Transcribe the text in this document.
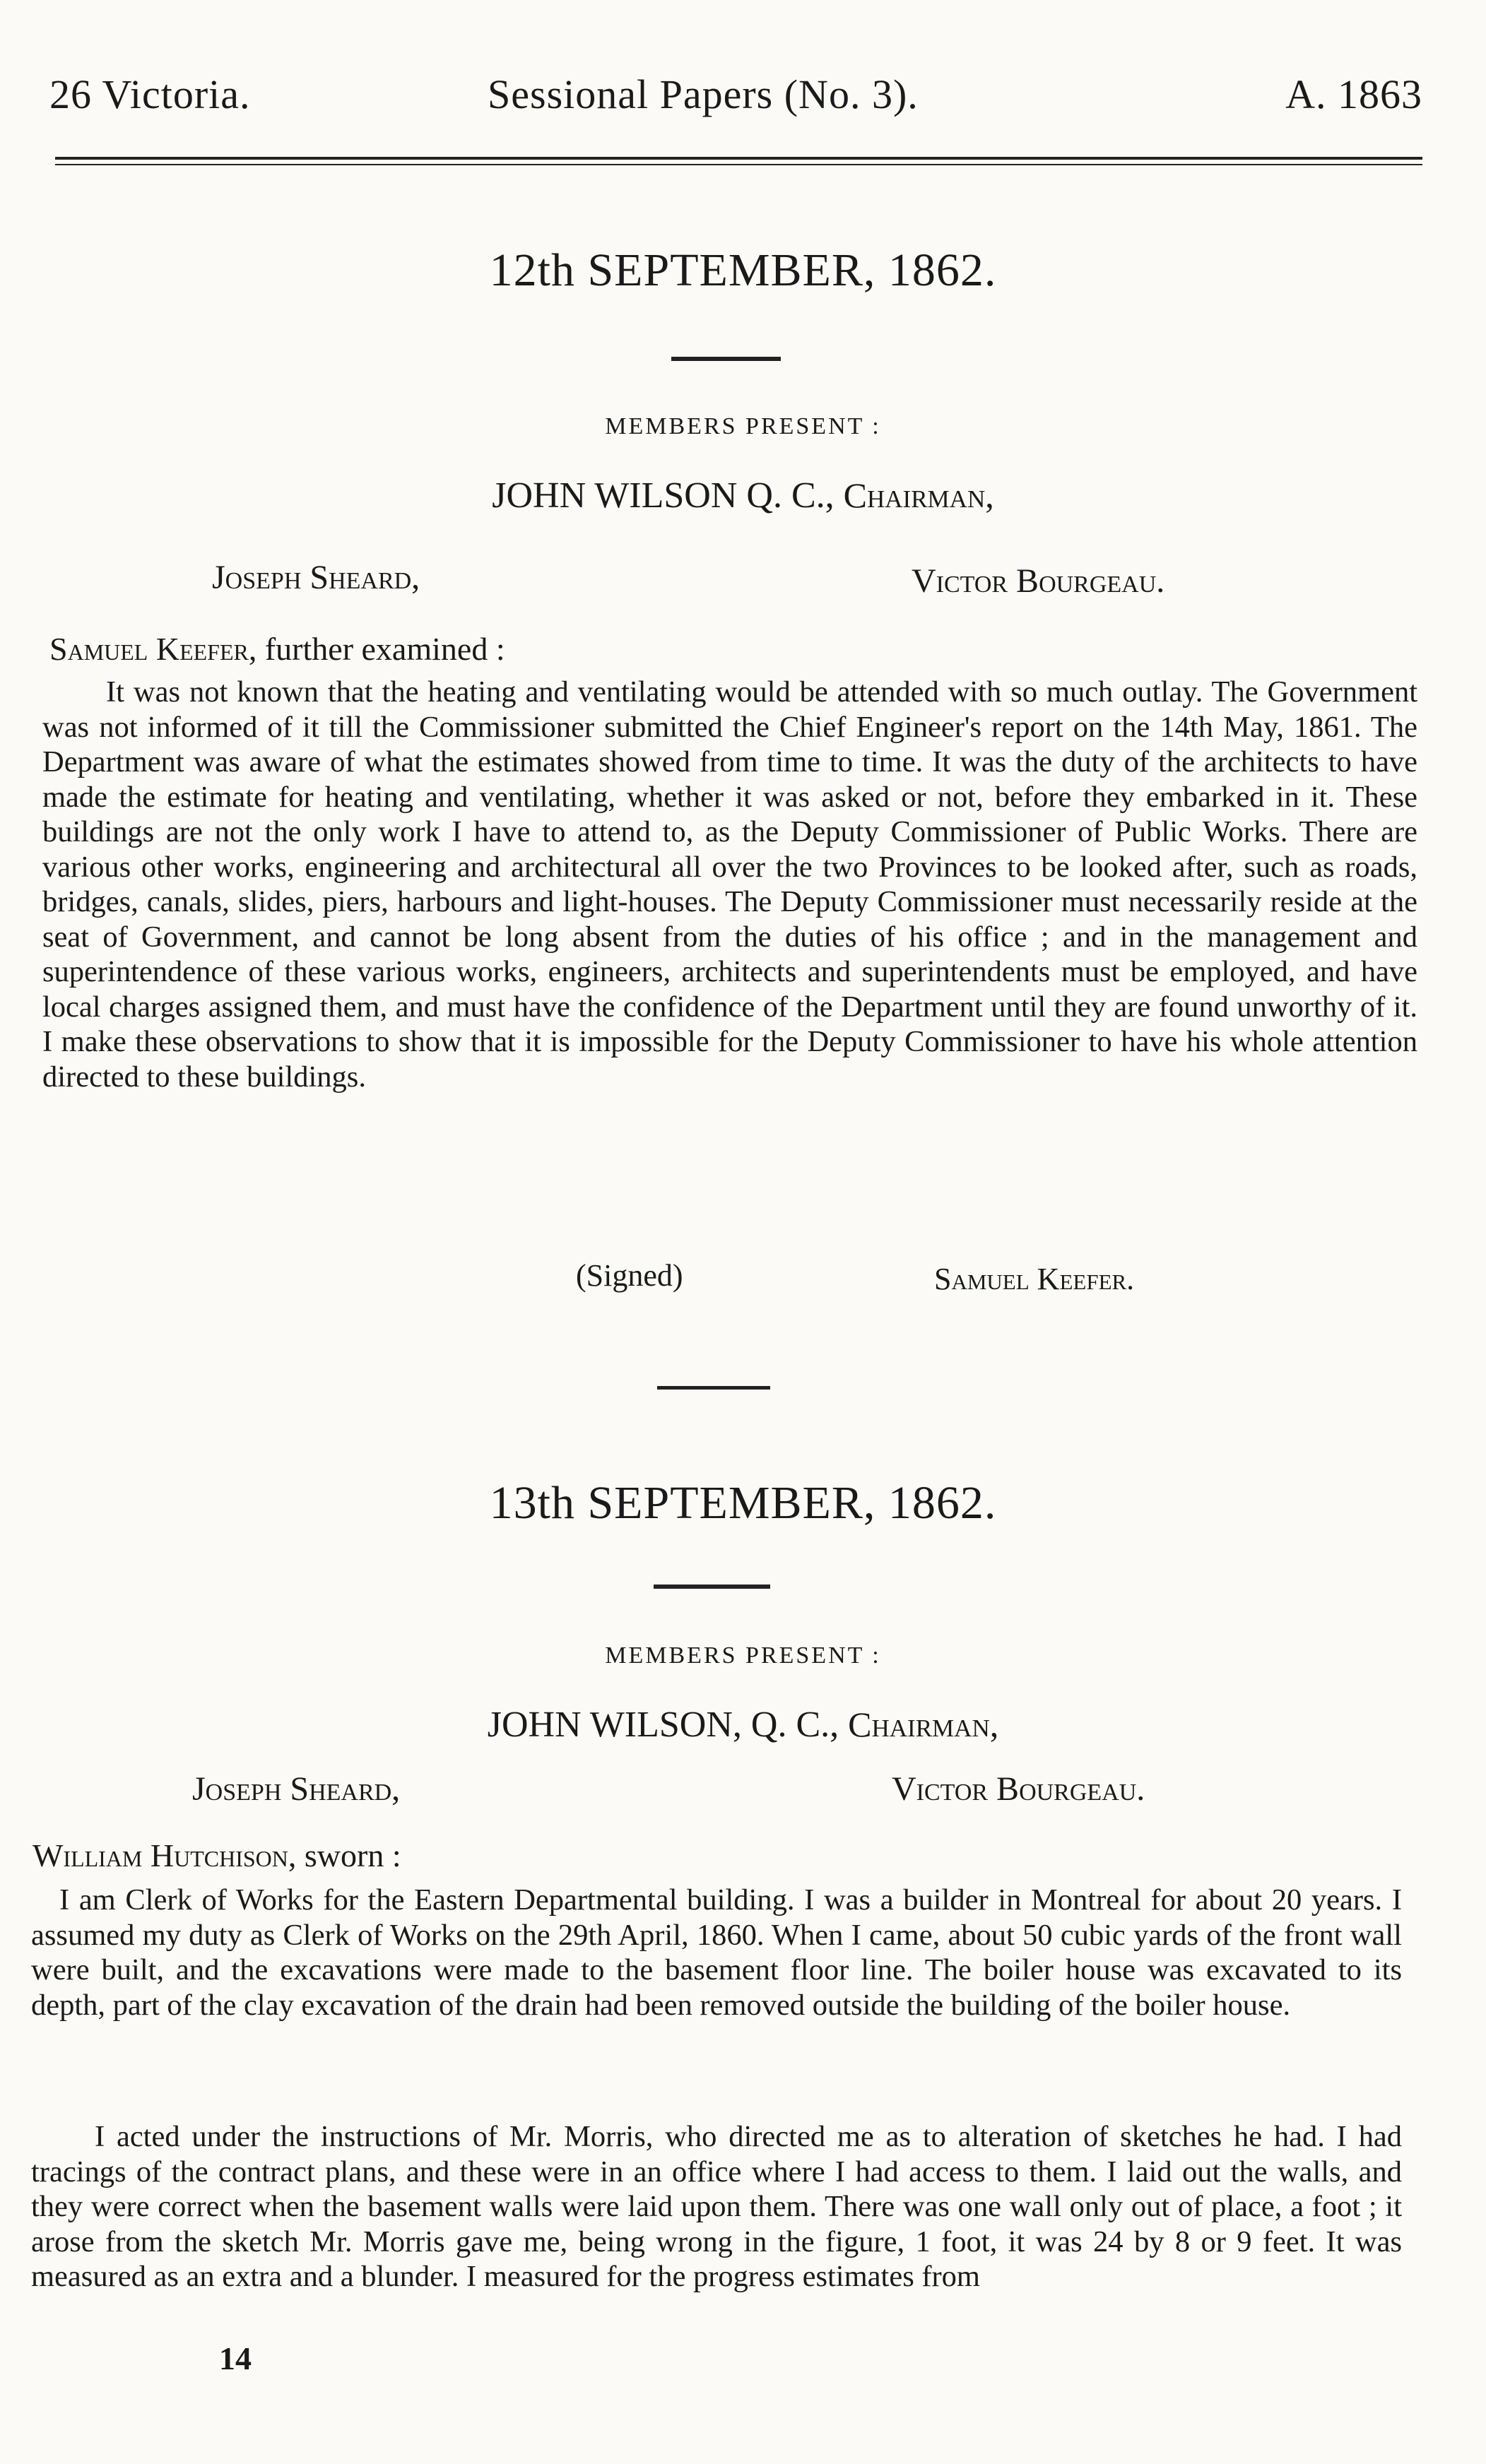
26 Victoria.	Sessional Papers (No. 3).	A. 1863
12th SEPTEMBER, 1862.
MEMBERS PRESENT :
JOHN WILSON Q. C., Chairman,
Joseph Sheard,	Victor Bourgeau.
Samuel Keefer, further examined :

It was not known that the heating and ventilating would be attended with so much outlay. The Government was not informed of it till the Commissioner submitted the Chief Engineer's report on the 14th May, 1861. The Department was aware of what the estimates showed from time to time. It was the duty of the architects to have made the estimate for heating and ventilating, whether it was asked or not, before they embarked in it. These buildings are not the only work I have to attend to, as the Deputy Commissioner of Public Works. There are various other works, engineering and architectural all over the two Provinces to be looked after, such as roads, bridges, canals, slides, piers, harbours and light-houses. The Deputy Commissioner must necessarily reside at the seat of Government, and cannot be long absent from the duties of his office ; and in the management and superintendence of these various works, engineers, architects and superintendents must be employed, and have local charges assigned them, and must have the confidence of the Department until they are found unworthy of it. I make these observations to show that it is impossible for the Deputy Commissioner to have his whole attention directed to these buildings.

(Signed)	Samuel Keefer.
13th SEPTEMBER, 1862.
MEMBERS PRESENT :
JOHN WILSON, Q. C., Chairman,
Joseph Sheard,	Victor Bourgeau.
William Hutchison, sworn :

I am Clerk of Works for the Eastern Departmental building. I was a builder in Montreal for about 20 years. I assumed my duty as Clerk of Works on the 29th April, 1860. When I came, about 50 cubic yards of the front wall were built, and the excavations were made to the basement floor line. The boiler house was excavated to its depth, part of the clay excavation of the drain had been removed outside the building of the boiler house.

I acted under the instructions of Mr. Morris, who directed me as to alteration of sketches he had. I had tracings of the contract plans, and these were in an office where I had access to them. I laid out the walls, and they were correct when the basement walls were laid upon them. There was one wall only out of place, a foot ; it arose from the sketch Mr. Morris gave me, being wrong in the figure, 1 foot, it was 24 by 8 or 9 feet. It was measured as an extra and a blunder. I measured for the progress estimates from

14
